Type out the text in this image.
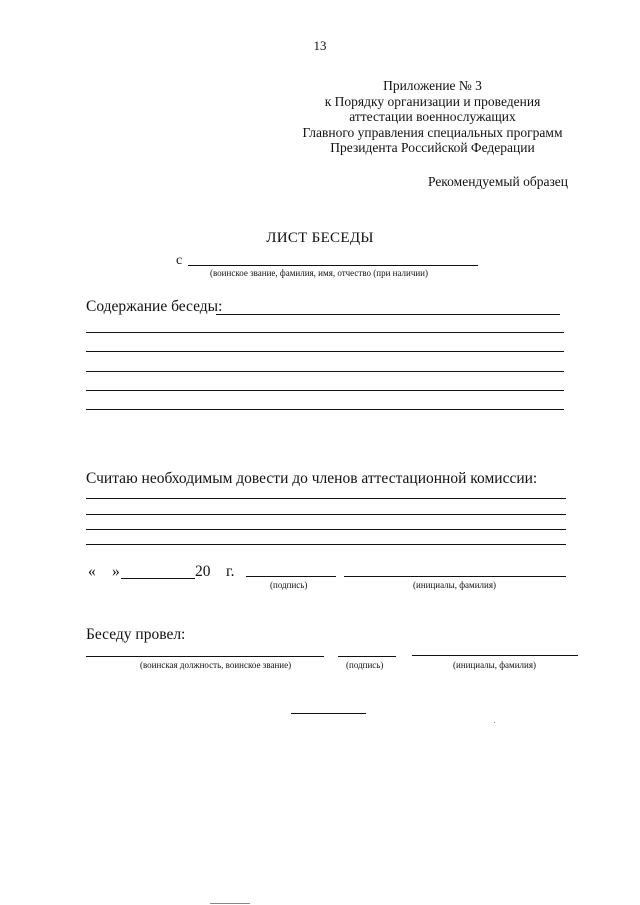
13
Приложение № 3
к Порядку организации и проведения
аттестации военнослужащих
Главного управления специальных программ
Президента Российской Федерации
Рекомендуемый образец
ЛИСТ БЕСЕДЫ
с
(воинское звание, фамилия, имя, отчество (при наличии)
Содержание беседы:
Считаю необходимым довести до членов аттестационной комиссии:
« »	20 г.
(подпись)	(инициалы, фамилия)
Беседу провел:
(воинская должность, воинское звание)	(подпись)	(инициалы, фамилия)
